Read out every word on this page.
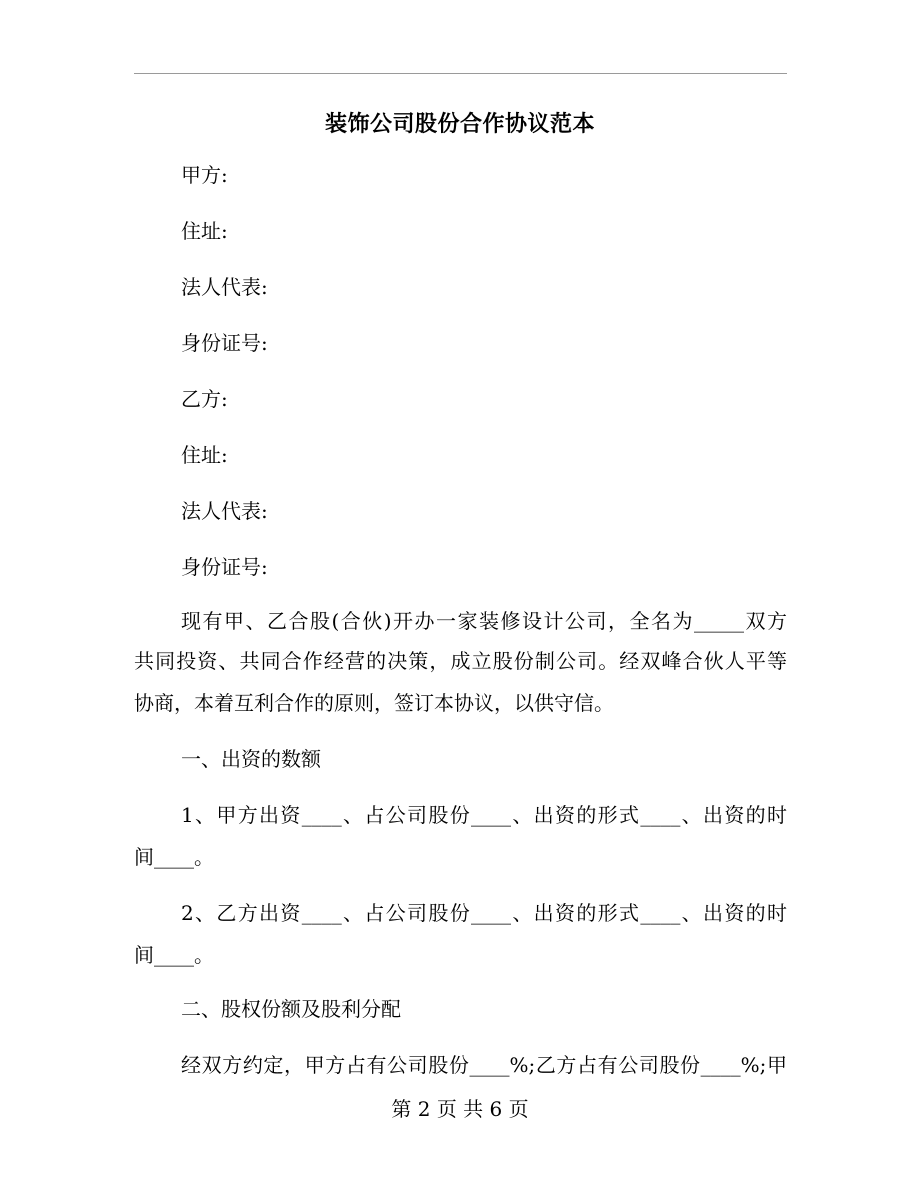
装饰公司股份合作协议范本
甲方:
住址:
法人代表:
身份证号:
乙方:
住址:
法人代表:
身份证号:
现有甲、乙合股(合伙)开办一家装修设计公司，全名为_____双方
共同投资、共同合作经营的决策，成立股份制公司。经双峰合伙人平等
协商，本着互利合作的原则，签订本协议，以供守信。
一、出资的数额
1、甲方出资____、占公司股份____、出资的形式____、出资的时
间____。
2、乙方出资____、占公司股份____、出资的形式____、出资的时
间____。
二、股权份额及股利分配
经双方约定，甲方占有公司股份____%;乙方占有公司股份____%;甲
第 2 页 共 6 页
